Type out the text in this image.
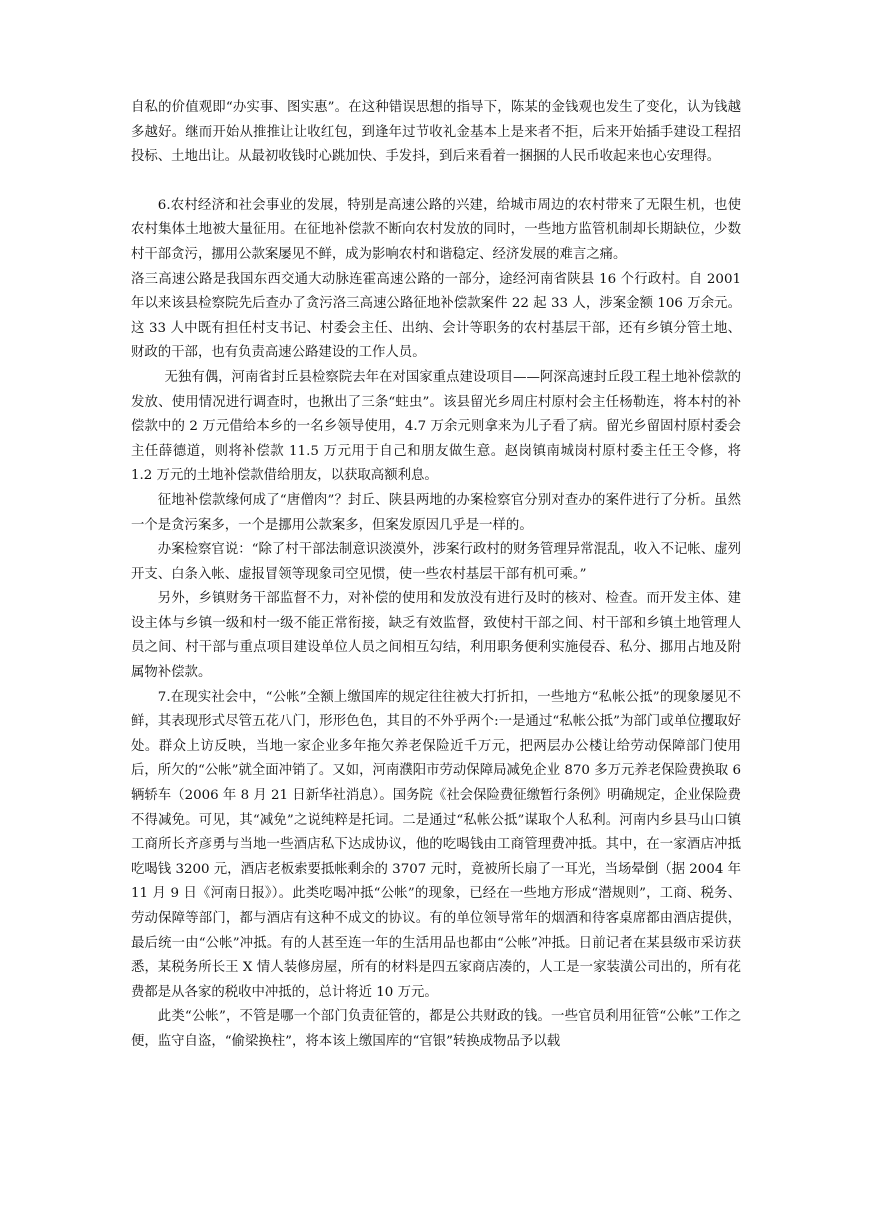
自私的价值观即“办实事、图实惠”。在这种错误思想的指导下，陈某的金钱观也发生了变化，认为钱越多越好。继而开始从推推让让收红包，到逢年过节收礼金基本上是来者不拒，后来开始插手建设工程招投标、土地出让。从最初收钱时心跳加快、手发抖，到后来看着一捆捆的人民币收起来也心安理得。

6.农村经济和社会事业的发展，特别是高速公路的兴建，给城市周边的农村带来了无限生机，也使农村集体土地被大量征用。在征地补偿款不断向农村发放的同时，一些地方监管机制却长期缺位，少数村干部贪污，挪用公款案屡见不鲜，成为影响农村和谐稳定、经济发展的难言之痛。

洛三高速公路是我国东西交通大动脉连霍高速公路的一部分，途经河南省陕县 16 个行政村。自 2001 年以来该县检察院先后查办了贪污洛三高速公路征地补偿款案件 22 起 33 人，涉案金额 106 万余元。这 33 人中既有担任村支书记、村委会主任、出纳、会计等职务的农村基层干部，还有乡镇分管土地、财政的干部，也有负责高速公路建设的工作人员。

无独有偶，河南省封丘县检察院去年在对国家重点建设项目——阿深高速封丘段工程土地补偿款的发放、使用情况进行调查时，也揪出了三条“蛀虫”。该县留光乡周庄村原村会主任杨勒连，将本村的补偿款中的 2 万元借给本乡的一名乡领导使用，4.7 万余元则拿来为儿子看了病。留光乡留固村原村委会主任薛德道，则将补偿款 11.5 万元用于自己和朋友做生意。赵岗镇南城岗村原村委主任王令修，将 1.2 万元的土地补偿款借给朋友，以获取高额利息。

征地补偿款缘何成了“唐僧肉”？封丘、陕县两地的办案检察官分别对查办的案件进行了分析。虽然一个是贪污案多，一个是挪用公款案多，但案发原因几乎是一样的。

办案检察官说：“除了村干部法制意识淡漠外，涉案行政村的财务管理异常混乱，收入不记帐、虚列开支、白条入帐、虚报冒领等现象司空见惯，使一些农村基层干部有机可乘。”

另外，乡镇财务干部监督不力，对补偿的使用和发放没有进行及时的核对、检查。而开发主体、建设主体与乡镇一级和村一级不能正常衔接，缺乏有效监督，致使村干部之间、村干部和乡镇土地管理人员之间、村干部与重点项目建设单位人员之间相互勾结，利用职务便利实施侵吞、私分、挪用占地及附属物补偿款。

7.在现实社会中，“公帐”全额上缴国库的规定往往被大打折扣，一些地方“私帐公抵”的现象屡见不鲜，其表现形式尽管五花八门，形形色色，其目的不外乎两个:一是通过“私帐公抵”为部门或单位攫取好处。群众上访反映，当地一家企业多年拖欠养老保险近千万元，把两层办公楼让给劳动保障部门使用后，所欠的“公帐”就全面冲销了。又如，河南濮阳市劳动保障局减免企业 870 多万元养老保险费换取 6 辆轿车（2006 年 8 月 21 日新华社消息）。国务院《社会保险费征缴暂行条例》明确规定，企业保险费不得减免。可见，其“减免”之说纯粹是托词。二是通过“私帐公抵”谋取个人私利。河南内乡县马山口镇工商所长齐彦勇与当地一些酒店私下达成协议，他的吃喝钱由工商管理费冲抵。其中，在一家酒店冲抵吃喝钱 3200 元，酒店老板索要抵帐剩余的 3707 元时，竟被所长扇了一耳光，当场晕倒（据 2004 年 11 月 9 日《河南日报》）。此类吃喝冲抵“公帐”的现象，已经在一些地方形成“潜规则”，工商、税务、劳动保障等部门，都与酒店有这种不成文的协议。有的单位领导常年的烟酒和待客桌席都由酒店提供，最后统一由“公帐”冲抵。有的人甚至连一年的生活用品也都由“公帐”冲抵。日前记者在某县级市采访获悉，某税务所长王 X 情人装修房屋，所有的材料是四五家商店凑的，人工是一家装潢公司出的，所有花费都是从各家的税收中冲抵的，总计将近 10 万元。

此类“公帐”，不管是哪一个部门负责征管的，都是公共财政的钱。一些官员利用征管“公帐”工作之便，监守自盗，“偷梁换柱”，将本该上缴国库的“官银”转换成物品予以载
